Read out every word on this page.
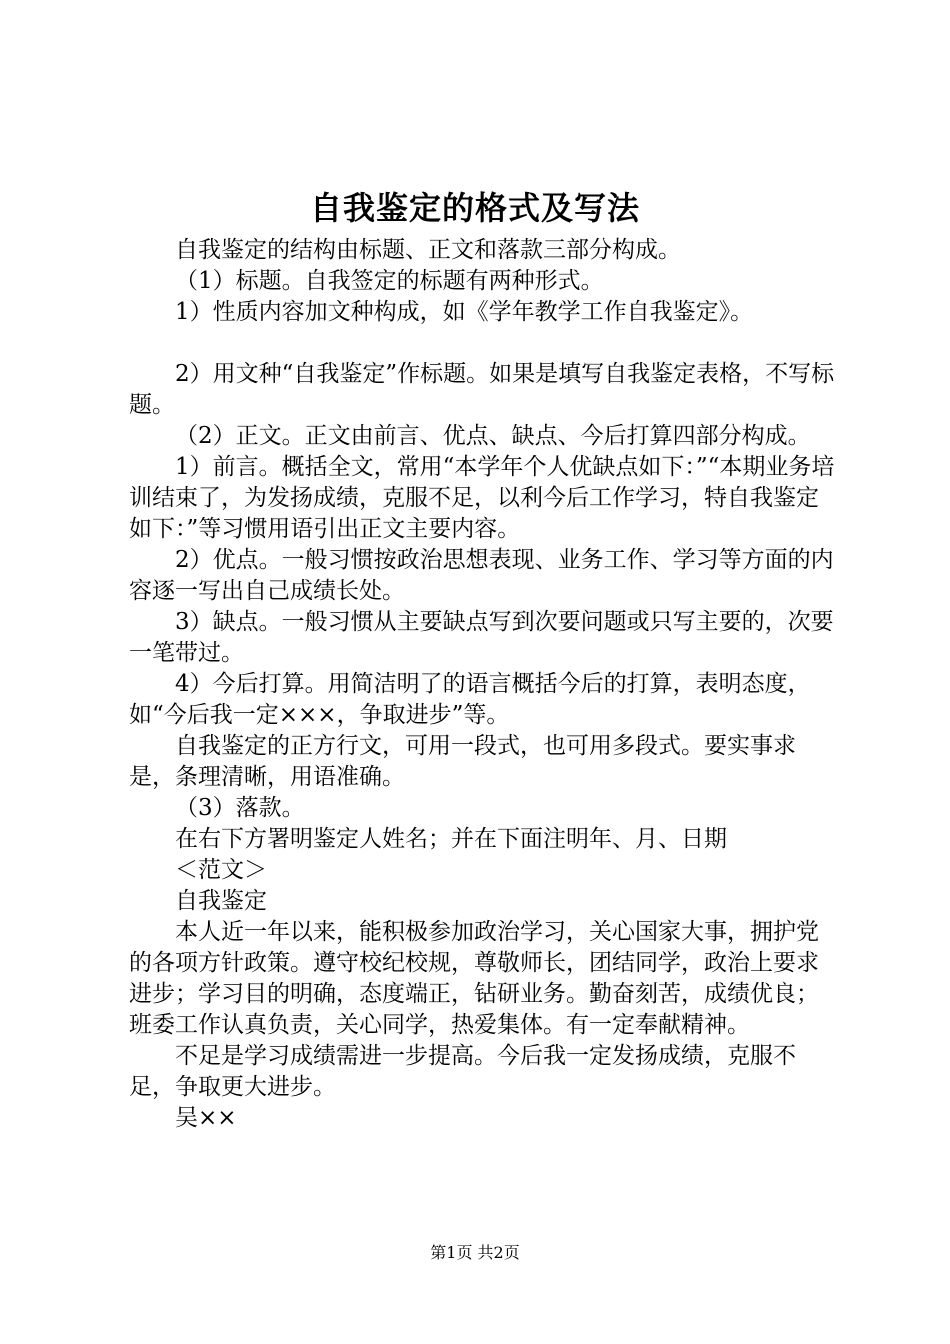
自我鉴定的格式及写法

自我鉴定的结构由标题、正文和落款三部分构成。

（1）标题。自我签定的标题有两种形式。

1）性质内容加文种构成，如《学年教学工作自我鉴定》。

2）用文种“自我鉴定”作标题。如果是填写自我鉴定表格，不写标题。

（2）正文。正文由前言、优点、缺点、今后打算四部分构成。

1）前言。概括全文，常用“本学年个人优缺点如下：”“本期业务培训结束了，为发扬成绩，克服不足，以利今后工作学习，特自我鉴定如下：”等习惯用语引出正文主要内容。

2）优点。一般习惯按政治思想表现、业务工作、学习等方面的内容逐一写出自己成绩长处。

3）缺点。一般习惯从主要缺点写到次要问题或只写主要的，次要一笔带过。

4）今后打算。用简洁明了的语言概括今后的打算，表明态度，如“今后我一定×××，争取进步”等。

自我鉴定的正方行文，可用一段式，也可用多段式。要实事求是，条理清晰，用语准确。

（3）落款。

在右下方署明鉴定人姓名；并在下面注明年、月、日期

＜范文＞

自我鉴定

本人近一年以来，能积极参加政治学习，关心国家大事，拥护党的各项方针政策。遵守校纪校规，尊敬师长，团结同学，政治上要求进步；学习目的明确，态度端正，钻研业务。勤奋刻苦，成绩优良；班委工作认真负责，关心同学，热爱集体。有一定奉献精神。

不足是学习成绩需进一步提高。今后我一定发扬成绩，克服不足，争取更大进步。

吴××

第1页 共2页
